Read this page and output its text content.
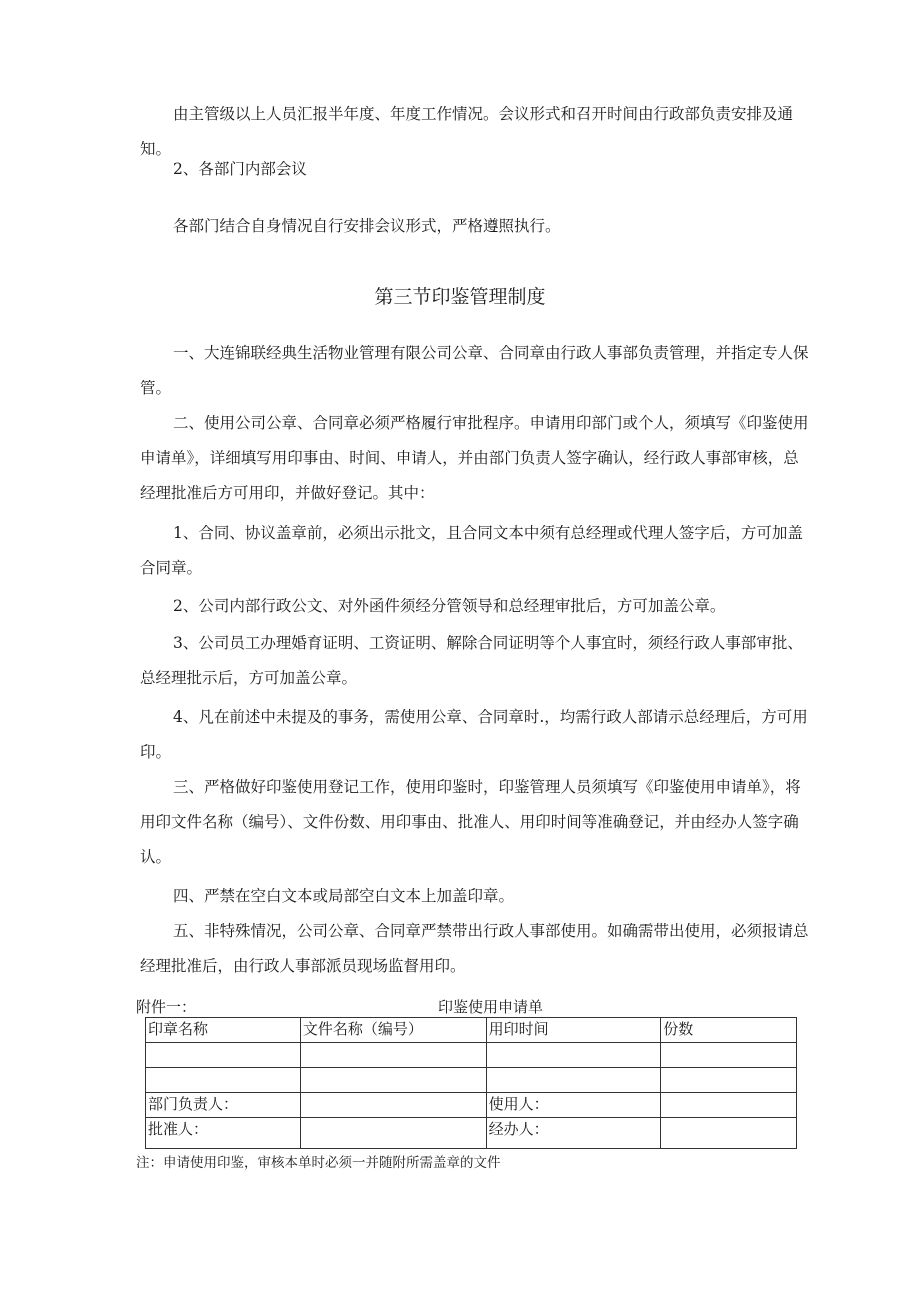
由主管级以上人员汇报半年度、年度工作情况。会议形式和召开时间由行政部负责安排及通知。

2、各部门内部会议

各部门结合自身情况自行安排会议形式，严格遵照执行。

第三节印鉴管理制度

一、大连锦联经典生活物业管理有限公司公章、合同章由行政人事部负责管理，并指定专人保管。

二、使用公司公章、合同章必须严格履行审批程序。申请用印部门或个人，须填写《印鉴使用申请单》，详细填写用印事由、时间、申请人，并由部门负责人签字确认，经行政人事部审核，总经理批准后方可用印，并做好登记。其中：

1、合同、协议盖章前，必须出示批文，且合同文本中须有总经理或代理人签字后，方可加盖合同章。

2、公司内部行政公文、对外函件须经分管领导和总经理审批后，方可加盖公章。

3、公司员工办理婚育证明、工资证明、解除合同证明等个人事宜时，须经行政人事部审批、总经理批示后，方可加盖公章。

4、凡在前述中未提及的事务，需使用公章、合同章时.，均需行政人部请示总经理后，方可用印。

三、严格做好印鉴使用登记工作，使用印鉴时，印鉴管理人员须填写《印鉴使用申请单》，将用印文件名称（编号）、文件份数、用印事由、批准人、用印时间等准确登记，并由经办人签字确认。

四、严禁在空白文本或局部空白文本上加盖印章。

五、非特殊情况，公司公章、合同章严禁带出行政人事部使用。如确需带出使用，必须报请总经理批准后，由行政人事部派员现场监督用印。

附件一：	印鉴使用申请单
印章名称	文件名称（编号）	用印时间	份数

部门负责人：		使用人：	
批准人：		经办人：	
注：申请使用印鉴，审核本单时必须一并随附所需盖章的文件
